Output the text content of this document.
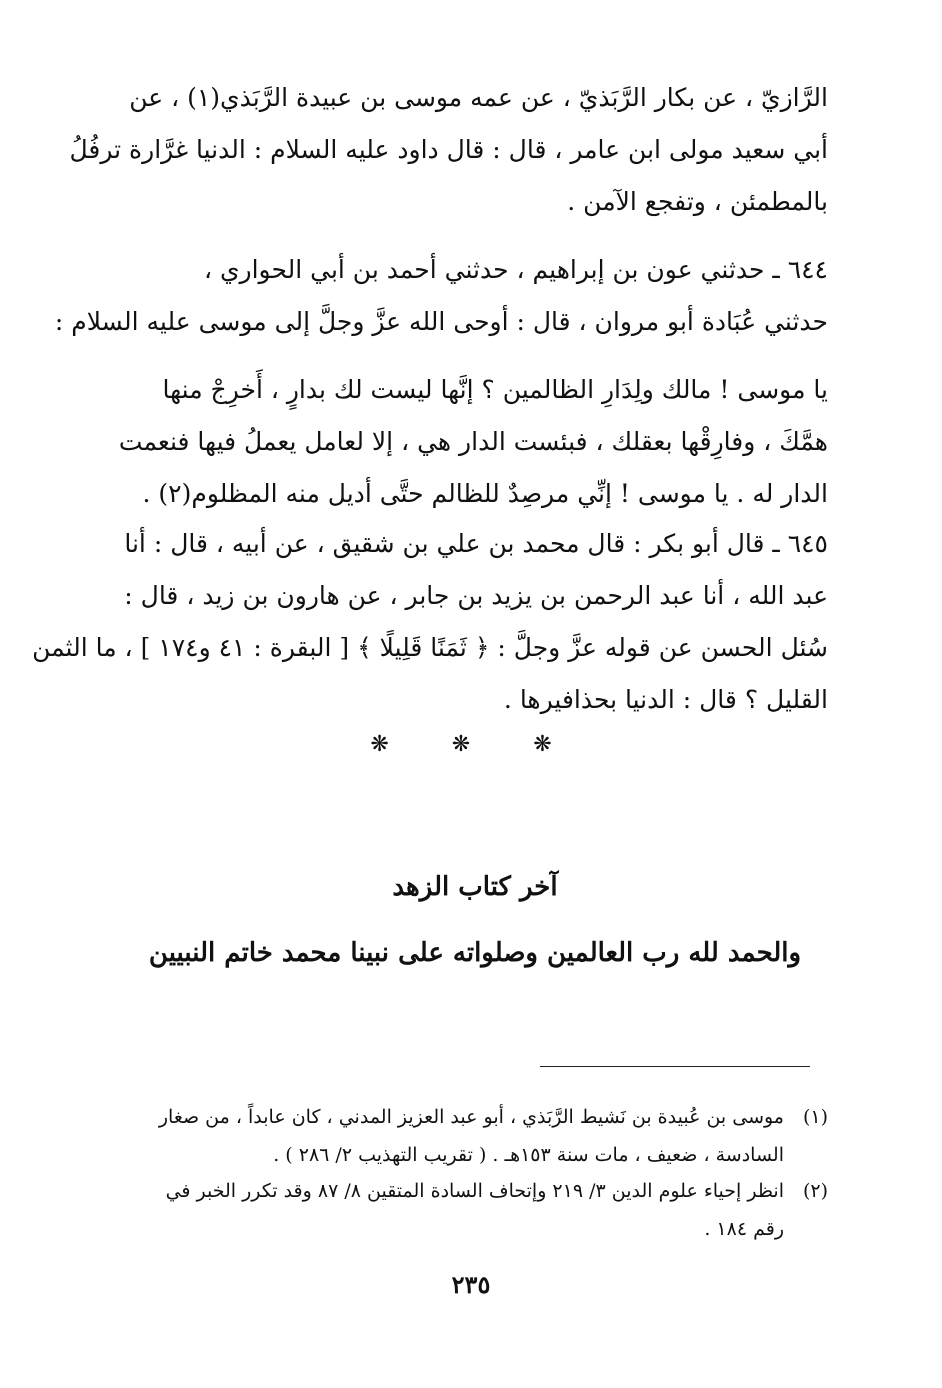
الرَّازيّ ، عن بكار الرَّبَذيّ ، عن عمه موسى بن عبيدة الرَّبَذي(١) ، عن
أبي سعيد مولى ابن عامر ، قال : قال داود عليه السلام : الدنيا غرَّارة ترفُلُ
بالمطمئن ، وتفجع الآمن .

٦٤٤ ـ حدثني عون بن إبراهيم ، حدثني أحمد بن أبي الحواري ،
حدثني عُبَادة أبو مروان ، قال : أوحى الله عزَّ وجلَّ إلى موسى عليه السلام :

يا موسى ! مالك ولِدَارِ الظالمين ؟ إنَّها ليست لك بدارٍ ، أَخرِجْ منها
همَّكَ ، وفارِقْها بعقلك ، فبئست الدار هي ، إلا لعامل يعملُ فيها فنعمت
الدار له . يا موسى ! إنِّي مرصِدٌ للظالم حتَّى أديل منه المظلوم(٢) .

٦٤٥ ـ قال أبو بكر : قال محمد بن علي بن شقيق ، عن أبيه ، قال : أنا
عبد الله ، أنا عبد الرحمن بن يزيد بن جابر ، عن هارون بن زيد ، قال :
سُئل الحسن عن قوله عزَّ وجلَّ : ﴿ ثَمَنًا قَلِيلًا ﴾ [ البقرة : ٤١ و١٧٤ ] ، ما الثمن
القليل ؟ قال : الدنيا بحذافيرها .

❋ ❋ ❋

آخر كتاب الزهد

والحمد لله رب العالمين وصلواته على نبينا محمد خاتم النبيين

(١)موسى بن عُبيدة بن نَشيط الرَّبَذي ، أبو عبد العزيز المدني ، كان عابداً ، من صغار
السادسة ، ضعيف ، مات سنة ١٥٣هـ . ( تقريب التهذيب ٢/ ٢٨٦ ) .
(٢)انظر إحياء علوم الدين ٣/ ٢١٩ وإتحاف السادة المتقين ٨/ ٨٧ وقد تكرر الخبر في
رقم ١٨٤ .
٢٣٥
